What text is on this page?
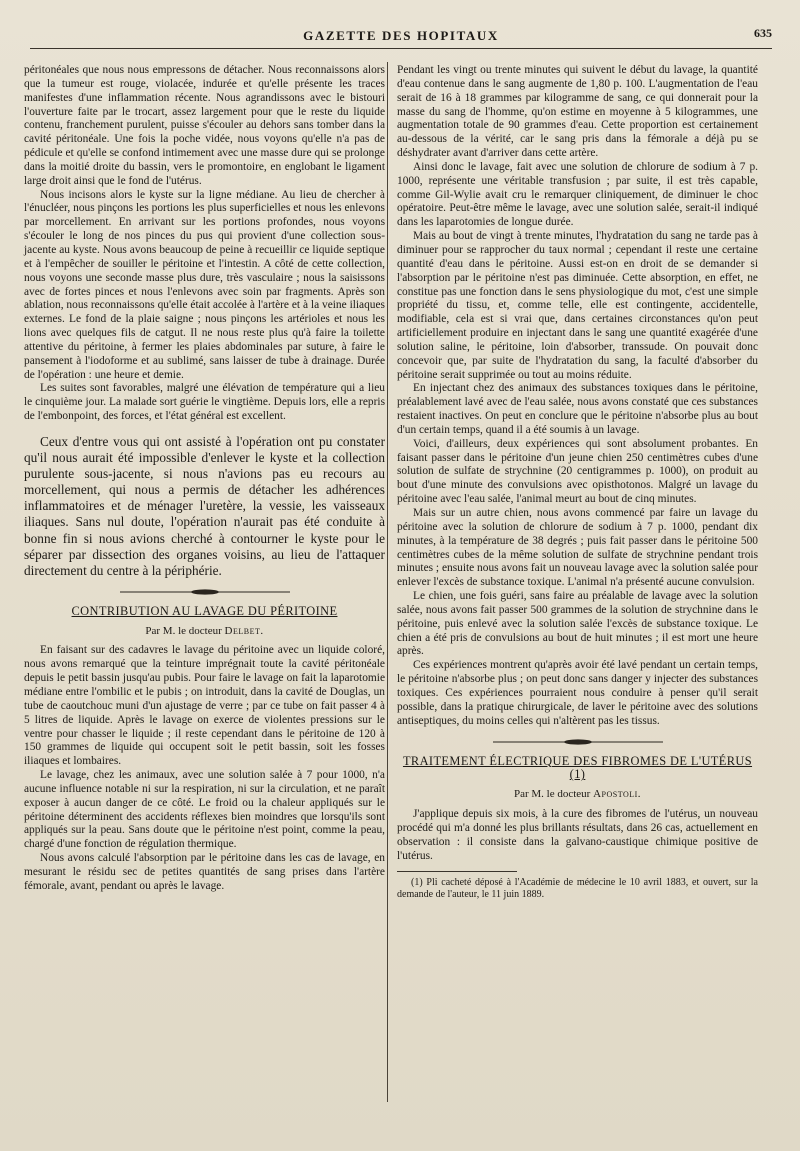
GAZETTE DES HOPITAUX	635

péritonéales que nous nous empressons de détacher. Nous reconnaissons alors que la tumeur est rouge, violacée, indurée et qu'elle présente les traces manifestes d'une inflammation récente. Nous agrandissons avec le bistouri l'ouverture faite par le trocart, assez largement pour que le reste du liquide contenu, franchement purulent, puisse s'écouler au dehors sans tomber dans la cavité péritonéale. Une fois la poche vidée, nous voyons qu'elle n'a pas de pédicule et qu'elle se confond intimement avec une masse dure qui se prolonge dans la moitié droite du bassin, vers le promontoire, en englobant le ligament large droit ainsi que le fond de l'utérus.

Nous incisons alors le kyste sur la ligne médiane. Au lieu de chercher à l'énucléer, nous pinçons les portions les plus superficielles et nous les enlevons par morcellement. En arrivant sur les portions profondes, nous voyons s'écouler le long de nos pinces du pus qui provient d'une collection sous-jacente au kyste. Nous avons beaucoup de peine à recueillir ce liquide septique et à l'empêcher de souiller le péritoine et l'intestin. A côté de cette collection, nous voyons une seconde masse plus dure, très vasculaire ; nous la saisissons avec de fortes pinces et nous l'enlevons avec soin par fragments. Après son ablation, nous reconnaissons qu'elle était accolée à l'artère et à la veine iliaques externes. Le fond de la plaie saigne ; nous pinçons les artérioles et nous les lions avec quelques fils de catgut. Il ne nous reste plus qu'à faire la toilette attentive du péritoine, à fermer les plaies abdominales par suture, à faire le pansement à l'iodoforme et au sublimé, sans laisser de tube à drainage. Durée de l'opération : une heure et demie.

Les suites sont favorables, malgré une élévation de température qui a lieu le cinquième jour. La malade sort guérie le vingtième. Depuis lors, elle a repris de l'embonpoint, des forces, et l'état général est excellent.

Ceux d'entre vous qui ont assisté à l'opération ont pu constater qu'il nous aurait été impossible d'enlever le kyste et la collection purulente sous-jacente, si nous n'avions pas eu recours au morcellement, qui nous a permis de détacher les adhérences inflammatoires et de ménager l'uretère, la vessie, les vaisseaux iliaques. Sans nul doute, l'opération n'aurait pas été conduite à bonne fin si nous avions cherché à contourner le kyste pour le séparer par dissection des organes voisins, au lieu de l'attaquer directement du centre à la périphérie.

CONTRIBUTION AU LAVAGE DU PÉRITOINE
Par M. le docteur Delbet.

En faisant sur des cadavres le lavage du péritoine avec un liquide coloré, nous avons remarqué que la teinture imprégnait toute la cavité péritonéale depuis le petit bassin jusqu'au pubis. Pour faire le lavage on fait la laparotomie médiane entre l'ombilic et le pubis ; on introduit, dans la cavité de Douglas, un tube de caoutchouc muni d'un ajustage de verre ; par ce tube on fait passer 4 à 5 litres de liquide. Après le lavage on exerce de violentes pressions sur le ventre pour chasser le liquide ; il reste cependant dans le péritoine de 120 à 150 grammes de liquide qui occupent soit le petit bassin, soit les fosses iliaques et lombaires.

Le lavage, chez les animaux, avec une solution salée à 7 pour 1000, n'a aucune influence notable ni sur la respiration, ni sur la circulation, et ne paraît exposer à aucun danger de ce côté. Le froid ou la chaleur appliqués sur le péritoine déterminent des accidents réflexes bien moindres que lorsqu'ils sont appliqués sur la peau. Sans doute que le péritoine n'est point, comme la peau, chargé d'une fonction de régulation thermique.

Nous avons calculé l'absorption par le péritoine dans les cas de lavage, en mesurant le résidu sec de petites quantités de sang prises dans l'artère fémorale, avant, pendant ou après le lavage.

Pendant les vingt ou trente minutes qui suivent le début du lavage, la quantité d'eau contenue dans le sang augmente de 1,80 p. 100. L'augmentation de l'eau serait de 16 à 18 grammes par kilogramme de sang, ce qui donnerait pour la masse du sang de l'homme, qu'on estime en moyenne à 5 kilogrammes, une augmentation totale de 90 grammes d'eau. Cette proportion est certainement au-dessous de la vérité, car le sang pris dans la fémorale a déjà pu se déshydrater avant d'arriver dans cette artère.

Ainsi donc le lavage, fait avec une solution de chlorure de sodium à 7 p. 1000, représente une véritable transfusion ; par suite, il est très capable, comme Gil-Wylie avait cru le remarquer cliniquement, de diminuer le choc opératoire. Peut-être même le lavage, avec une solution salée, serait-il indiqué dans les laparotomies de longue durée.

Mais au bout de vingt à trente minutes, l'hydratation du sang ne tarde pas à diminuer pour se rapprocher du taux normal ; cependant il reste une certaine quantité d'eau dans le péritoine. Aussi est-on en droit de se demander si l'absorption par le péritoine n'est pas diminuée. Cette absorption, en effet, ne constitue pas une fonction dans le sens physiologique du mot, c'est une simple propriété du tissu, et, comme telle, elle est contingente, accidentelle, modifiable, cela est si vrai que, dans certaines circonstances qu'on peut artificiellement produire en injectant dans le sang une quantité exagérée d'une solution saline, le péritoine, loin d'absorber, transsude. On pouvait donc concevoir que, par suite de l'hydratation du sang, la faculté d'absorber du péritoine serait supprimée ou tout au moins réduite.

En injectant chez des animaux des substances toxiques dans le péritoine, préalablement lavé avec de l'eau salée, nous avons constaté que ces substances restaient inactives. On peut en conclure que le péritoine n'absorbe plus au bout d'un certain temps, quand il a été soumis à un lavage.

Voici, d'ailleurs, deux expériences qui sont absolument probantes. En faisant passer dans le péritoine d'un jeune chien 250 centimètres cubes d'une solution de sulfate de strychnine (20 centigrammes p. 1000), on produit au bout d'une minute des convulsions avec opisthotonos. Malgré un lavage du péritoine avec l'eau salée, l'animal meurt au bout de cinq minutes.

Mais sur un autre chien, nous avons commencé par faire un lavage du péritoine avec la solution de chlorure de sodium à 7 p. 1000, pendant dix minutes, à la température de 38 degrés ; puis fait passer dans le péritoine 500 centimètres cubes de la même solution de sulfate de strychnine pendant trois minutes ; ensuite nous avons fait un nouveau lavage avec la solution salée pour enlever l'excès de substance toxique. L'animal n'a présenté aucune convulsion.

Le chien, une fois guéri, sans faire au préalable de lavage avec la solution salée, nous avons fait passer 500 grammes de la solution de strychnine dans le péritoine, puis enlevé avec la solution salée l'excès de substance toxique. Le chien a été pris de convulsions au bout de huit minutes ; il est mort une heure après.

Ces expériences montrent qu'après avoir été lavé pendant un certain temps, le péritoine n'absorbe plus ; on peut donc sans danger y injecter des substances toxiques. Ces expériences pourraient nous conduire à penser qu'il serait possible, dans la pratique chirurgicale, de laver le péritoine avec des solutions antiseptiques, du moins celles qui n'altèrent pas les tissus.

TRAITEMENT ÉLECTRIQUE DES FIBROMES DE L'UTÉRUS (1)
Par M. le docteur Apostoli.

J'applique depuis six mois, à la cure des fibromes de l'utérus, un nouveau procédé qui m'a donné les plus brillants résultats, dans 26 cas, actuellement en observation : il consiste dans la galvano-caustique chimique positive de l'utérus.

(1) Pli cacheté déposé à l'Académie de médecine le 10 avril 1883, et ouvert, sur la demande de l'auteur, le 11 juin 1889.
